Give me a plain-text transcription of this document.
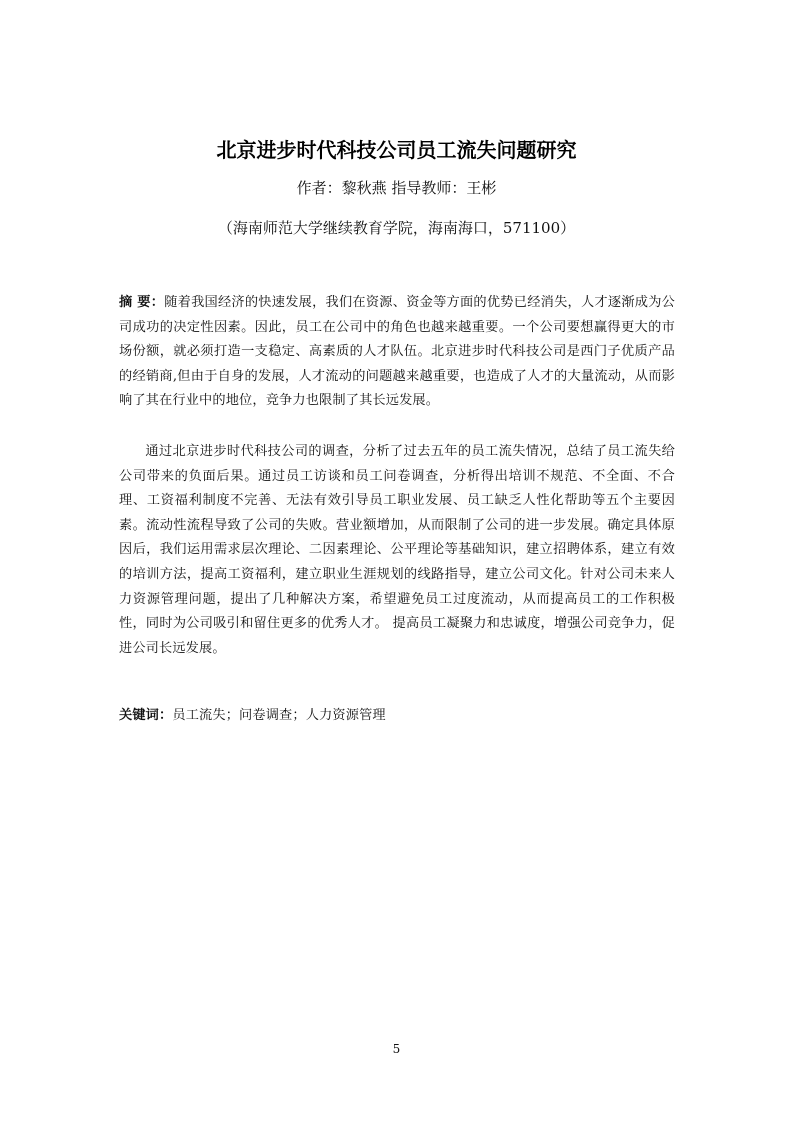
北京进步时代科技公司员工流失问题研究
作者：黎秋燕 指导教师：王彬
（海南师范大学继续教育学院，海南海口，571100）
摘 要：随着我国经济的快速发展，我们在资源、资金等方面的优势已经消失，人才逐渐成为公司成功的决定性因素。因此，员工在公司中的角色也越来越重要。一个公司要想赢得更大的市场份额，就必须打造一支稳定、高素质的人才队伍。北京进步时代科技公司是西门子优质产品的经销商,但由于自身的发展，人才流动的问题越来越重要，也造成了人才的大量流动，从而影响了其在行业中的地位，竞争力也限制了其长远发展。
通过北京进步时代科技公司的调查，分析了过去五年的员工流失情况，总结了员工流失给公司带来的负面后果。通过员工访谈和员工问卷调查，分析得出培训不规范、不全面、不合理、工资福利制度不完善、无法有效引导员工职业发展、员工缺乏人性化帮助等五个主要因素。流动性流程导致了公司的失败。营业额增加，从而限制了公司的进一步发展。确定具体原因后，我们运用需求层次理论、二因素理论、公平理论等基础知识，建立招聘体系，建立有效的培训方法，提高工资福利，建立职业生涯规划的线路指导，建立公司文化。针对公司未来人力资源管理问题，提出了几种解决方案，希望避免员工过度流动，从而提高员工的工作积极性，同时为公司吸引和留住更多的优秀人才。 提高员工凝聚力和忠诚度，增强公司竞争力，促进公司长远发展。
关键词：员工流失；问卷调查；人力资源管理
5
